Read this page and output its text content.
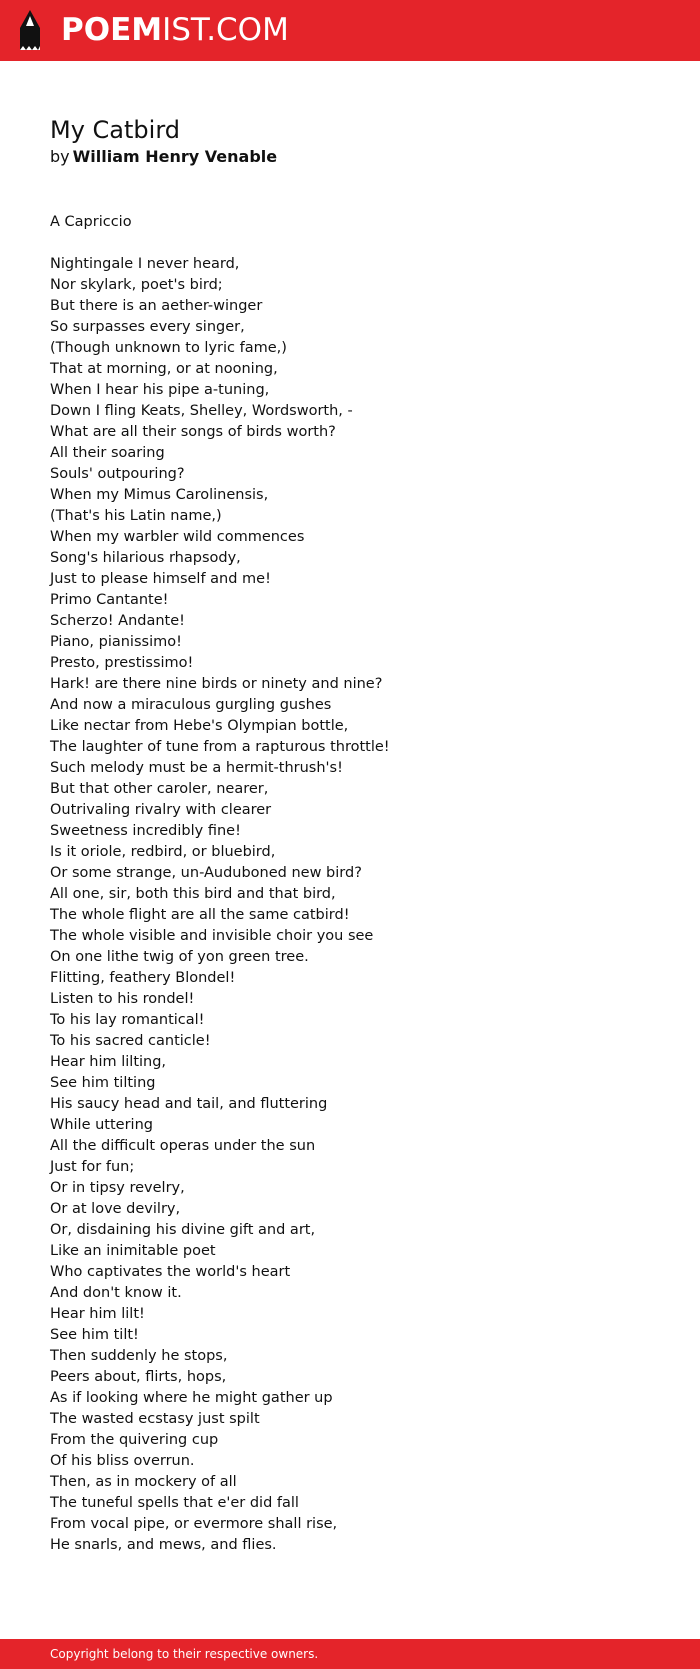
POEMIST.COM
My Catbird
by William Henry Venable
A Capriccio
Nightingale I never heard,
Nor skylark, poet's bird;
But there is an aether-winger
So surpasses every singer,
(Though unknown to lyric fame,)
That at morning, or at nooning,
When I hear his pipe a-tuning,
Down I fling Keats, Shelley, Wordsworth, -
What are all their songs of birds worth?
All their soaring
Souls' outpouring?
When my Mimus Carolinensis,
(That's his Latin name,)
When my warbler wild commences
Song's hilarious rhapsody,
Just to please himself and me!
Primo Cantante!
Scherzo! Andante!
Piano, pianissimo!
Presto, prestissimo!
Hark! are there nine birds or ninety and nine?
And now a miraculous gurgling gushes
Like nectar from Hebe's Olympian bottle,
The laughter of tune from a rapturous throttle!
Such melody must be a hermit-thrush's!
But that other caroler, nearer,
Outrivaling rivalry with clearer
Sweetness incredibly fine!
Is it oriole, redbird, or bluebird,
Or some strange, un-Auduboned new bird?
All one, sir, both this bird and that bird,
The whole flight are all the same catbird!
The whole visible and invisible choir you see
On one lithe twig of yon green tree.
Flitting, feathery Blondel!
Listen to his rondel!
To his lay romantical!
To his sacred canticle!
Hear him lilting,
See him tilting
His saucy head and tail, and fluttering
While uttering
All the difficult operas under the sun
Just for fun;
Or in tipsy revelry,
Or at love devilry,
Or, disdaining his divine gift and art,
Like an inimitable poet
Who captivates the world's heart
And don't know it.
Hear him lilt!
See him tilt!
Then suddenly he stops,
Peers about, flirts, hops,
As if looking where he might gather up
The wasted ecstasy just spilt
From the quivering cup
Of his bliss overrun.
Then, as in mockery of all
The tuneful spells that e'er did fall
From vocal pipe, or evermore shall rise,
He snarls, and mews, and flies.
Copyright belong to their respective owners.
